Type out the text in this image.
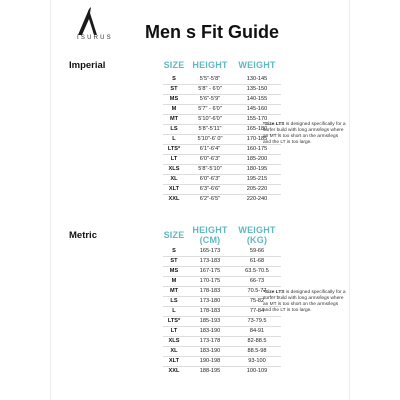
ISURUS Men s Fit Guide
Imperial	SIZE HEIGHT	WEIGHT
S	5'5"-5'8"	130-145
ST	5'8" - 6'0"	135-150
MS	5'6"-5'9"	140-155
M	5'7" - 6'0"	145-160
MT	5'10"-6'0"	155-170
LS	5'8"-5'11"	165-180
L	5'10"-6' 0"	170-185
LTS*	6'1"-6'4"	160-175
LT	6'0"-6'3"	185-200
XLS	5'8"-5'10"	180-195
XL	6'0"-6'3"	195-215
XLT	6'3"-6'6"	205-220
XXL	6'2"-6'5"	220-240
*Size LTS is designed specifically for a surfer build with long arms/legs where an MT is too short on the arms/legs and the LT is too large.
Metric	SIZE HEIGHT
(CM)
WEIGHT
(KG)
S	165-173	59-66
ST	173-183	61-68
MS	167-175	63.5-70.5
M	170-175	66-73
MT	178-183	70.5-77
LS	173-180	75-82
L	178-183	77-84
LTS*	185-193	73-79.5
LT	183-190	84-91
XLS	173-178	82-88.5
XL	183-190	88.5-98
XLT	190-198	93-100
XXL	188-195	100-109
*Size LTS is designed specifically for a surfer build with long arms/legs where an MT is too short on the arms/legs and the LT is too large.
